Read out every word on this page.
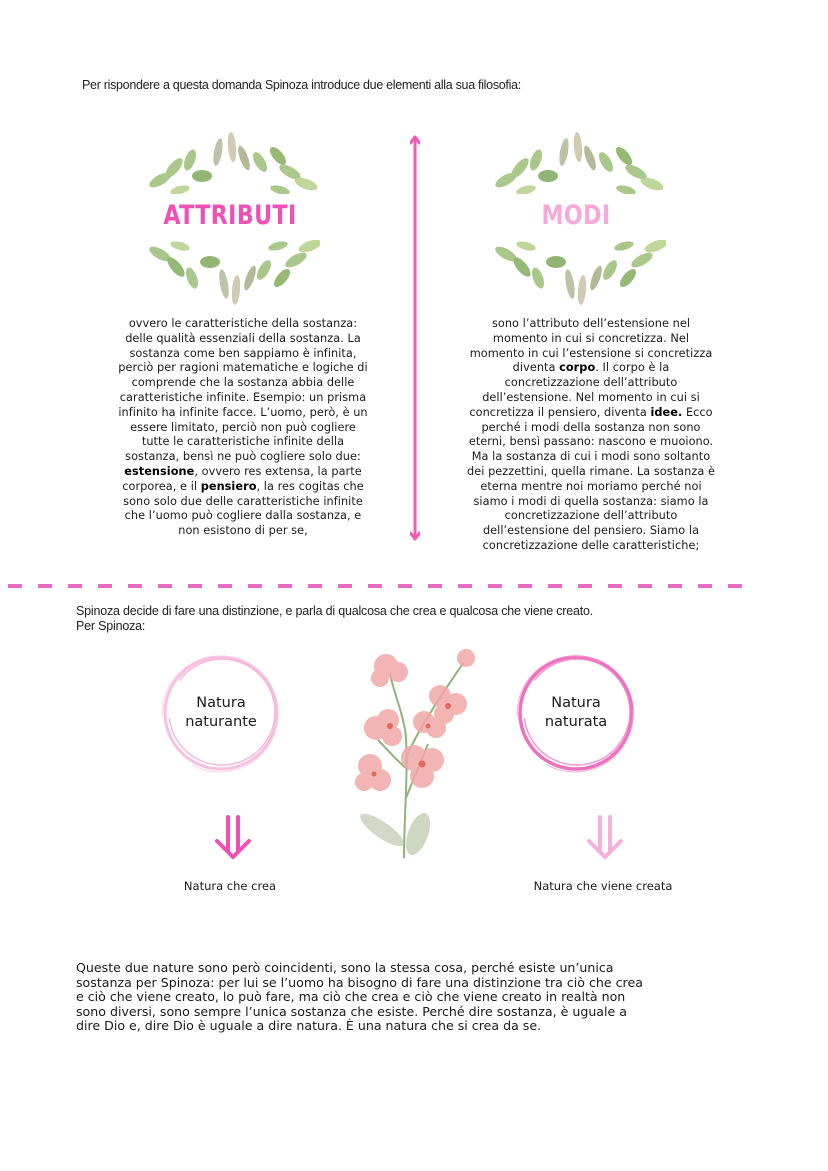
Per rispondere a questa domanda Spinoza introduce due elementi alla sua filosofia:
ATTRIBUTI	MODI
ovvero le caratteristiche della sostanza:
delle qualità essenziali della sostanza. La
sostanza come ben sappiamo è infinita,
perciò per ragioni matematiche e logiche di
comprende che la sostanza abbia delle
caratteristiche infinite. Esempio: un prisma
infinito ha infinite facce. L’uomo, però, è un
essere limitato, perciò non può cogliere
tutte le caratteristiche infinite della
sostanza, bensì ne può cogliere solo due:
estensione, ovvero res extensa, la parte
corporea, e il pensiero, la res cogitas che
sono solo due delle caratteristiche infinite
che l’uomo può cogliere dalla sostanza, e
non esistono di per se,
sono l’attributo dell’estensione nel
momento in cui si concretizza. Nel
momento in cui l’estensione si concretizza
diventa corpo. Il corpo è la
concretizzazione dell’attributo
dell’estensione. Nel momento in cui si
concretizza il pensiero, diventa idee. Ecco
perché i modi della sostanza non sono
eterni, bensì passano: nascono e muoiono.
Ma la sostanza di cui i modi sono soltanto
dei pezzettini, quella rimane. La sostanza è
eterna mentre noi moriamo perché noi
siamo i modi di quella sostanza: siamo la
concretizzazione dell’attributo
dell’estensione del pensiero. Siamo la
concretizzazione delle caratteristiche;
Spinoza decide di fare una distinzione, e parla di qualcosa che crea e qualcosa che viene creato.
Per Spinoza:
Natura
naturante
Natura
naturata
Natura che crea	Natura che viene creata
Queste due nature sono però coincidenti, sono la stessa cosa, perché esiste un’unica
sostanza per Spinoza: per lui se l’uomo ha bisogno di fare una distinzione tra ciò che crea
e ciò che viene creato, lo può fare, ma ciò che crea e ciò che viene creato in realtà non
sono diversi, sono sempre l’unica sostanza che esiste. Perché dire sostanza, è uguale a
dire Dio e, dire Dio è uguale a dire natura. È una natura che si crea da se.
